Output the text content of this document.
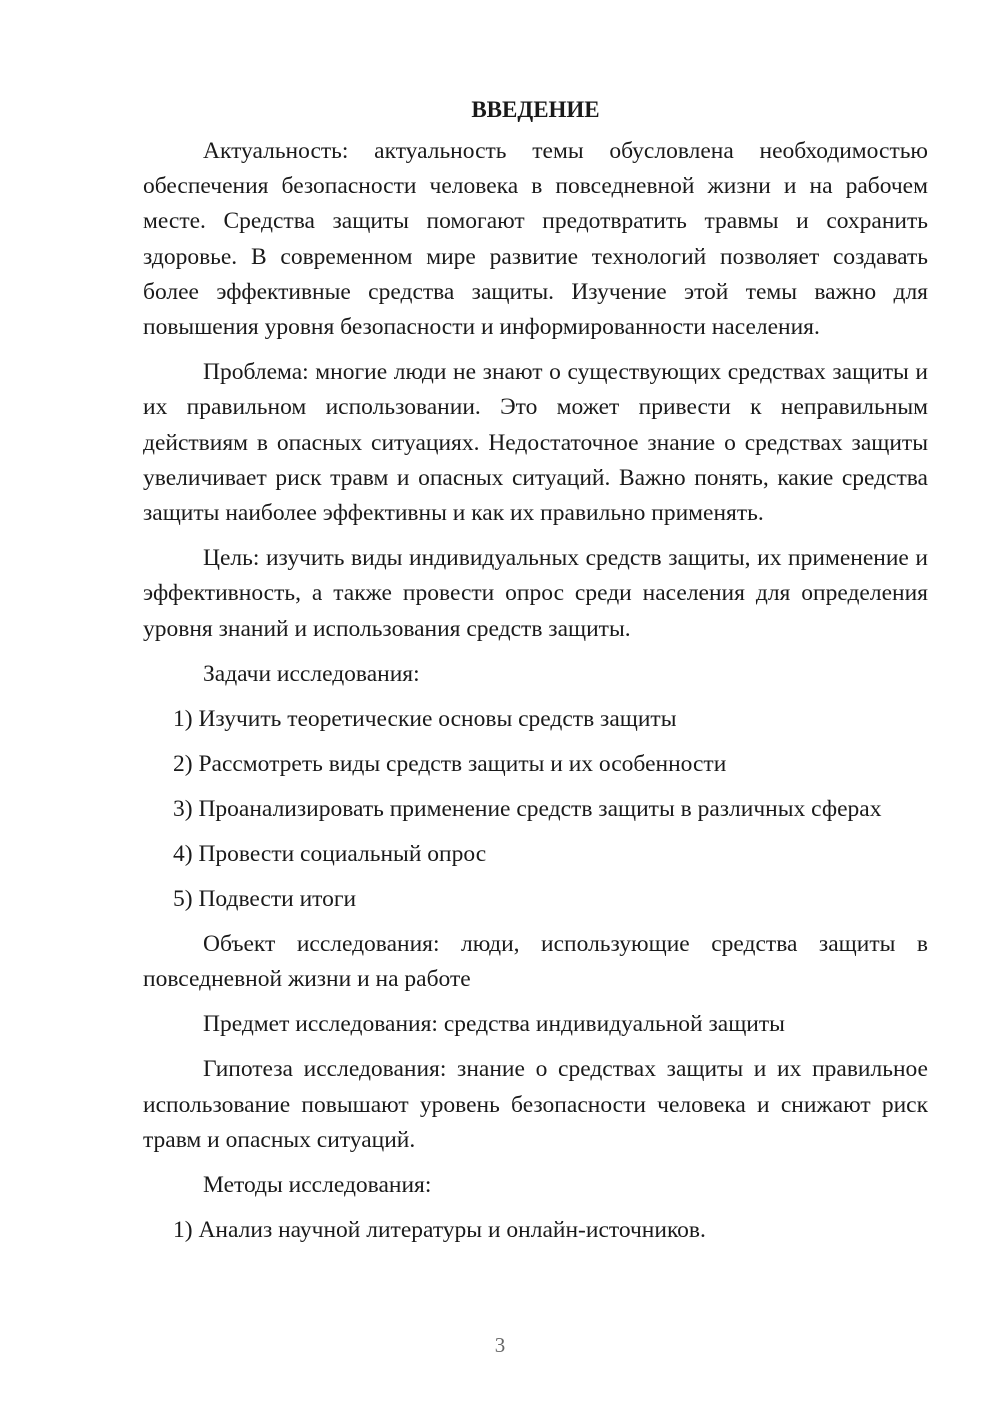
ВВЕДЕНИЕ

Актуальность: актуальность темы обусловлена необходимостью обеспечения безопасности человека в повседневной жизни и на рабочем месте. Средства защиты помогают предотвратить травмы и сохранить здоровье. В современном мире развитие технологий позволяет создавать более эффективные средства защиты. Изучение этой темы важно для повышения уровня безопасности и информированности населения.

Проблема: многие люди не знают о существующих средствах защиты и их правильном использовании. Это может привести к неправильным действиям в опасных ситуациях. Недостаточное знание о средствах защиты увеличивает риск травм и опасных ситуаций. Важно понять, какие средства защиты наиболее эффективны и как их правильно применять.

Цель: изучить виды индивидуальных средств защиты, их применение и эффективность, а также провести опрос среди населения для определения уровня знаний и использования средств защиты.

Задачи исследования:
1) Изучить теоретические основы средств защиты
2) Рассмотреть виды средств защиты и их особенности
3) Проанализировать применение средств защиты в различных сферах
4) Провести социальный опрос
5) Подвести итоги

Объект исследования: люди, использующие средства защиты в повседневной жизни и на работе

Предмет исследования: средства индивидуальной защиты

Гипотеза исследования: знание о средствах защиты и их правильное использование повышают уровень безопасности человека и снижают риск травм и опасных ситуаций.

Методы исследования:
1) Анализ научной литературы и онлайн-источников.
3
